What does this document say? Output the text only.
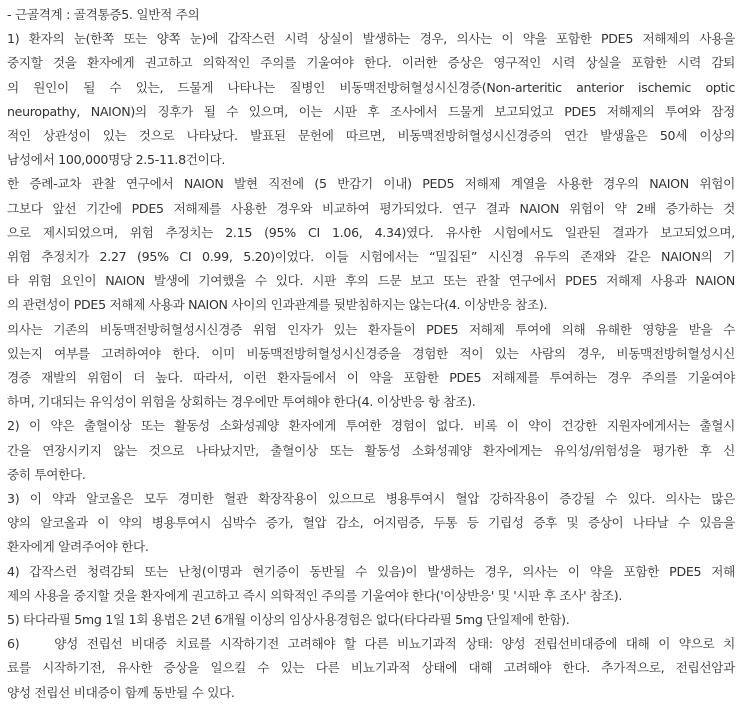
- 근골격계 : 골격통증5. 일반적 주의
1) 환자의 눈(한쪽 또는 양쪽 눈)에 갑작스런 시력 상실이 발생하는 경우, 의사는 이 약을 포함한 PDE5 저해제의 사용을
중지할 것을 환자에게 권고하고 의학적인 주의를 기울여야 한다. 이러한 증상은 영구적인 시력 상실을 포함한 시력 감퇴
의 원인이 될 수 있는, 드물게 나타나는 질병인 비동맥전방허혈성시신경증(Non-arteritic anterior ischemic optic
neuropathy, NAION)의 징후가 될 수 있으며, 이는 시판 후 조사에서 드물게 보고되었고 PDE5 저해제의 투여와 잠정
적인 상관성이 있는 것으로 나타났다. 발표된 문헌에 따르면, 비동맥전방허혈성시신경증의 연간 발생율은 50세 이상의
남성에서 100,000명당 2.5-11.8건이다.
한 증례-교차 관찰 연구에서 NAION 발현 직전에 (5 반감기 이내) PED5 저해제 계열을 사용한 경우의 NAION 위험이
그보다 앞선 기간에 PDE5 저해제를 사용한 경우와 비교하여 평가되었다. 연구 결과 NAION 위험이 약 2배 증가하는 것
으로 제시되었으며, 위험 추정치는 2.15 (95% CI 1.06, 4.34)였다. 유사한 시험에서도 일관된 결과가 보고되었으며,
위험 추정치가 2.27 (95% CI 0.99, 5.20)이었다. 이들 시험에서는 “밀집된” 시신경 유두의 존재와 같은 NAION의 기
타 위험 요인이 NAION 발생에 기여했을 수 있다. 시판 후의 드문 보고 또는 관찰 연구에서 PDE5 저해제 사용과 NAION
의 관련성이 PDE5 저해제 사용과 NAION 사이의 인과관계를 뒷받침하지는 않는다(4. 이상반응 참조).
의사는 기존의 비동맥전방허혈성시신경증 위험 인자가 있는 환자들이 PDE5 저해제 투여에 의해 유해한 영향을 받을 수
있는지 여부를 고려하여야 한다. 이미 비동맥전방허혈성시신경증을 경험한 적이 있는 사람의 경우, 비동맥전방허혈성시신
경증 재발의 위험이 더 높다. 따라서, 이런 환자들에서 이 약을 포함한 PDE5 저해제를 투여하는 경우 주의를 기울여야
하며, 기대되는 유익성이 위험을 상회하는 경우에만 투여해야 한다(4. 이상반응 항 참조).
2) 이 약은 출혈이상 또는 활동성 소화성궤양 환자에게 투여한 경험이 없다. 비록 이 약이 건강한 지원자에게서는 출혈시
간을 연장시키지 않는 것으로 나타났지만, 출혈이상 또는 활동성 소화성궤양 환자에게는 유익성/위험성을 평가한 후 신
중히 투여한다.
3) 이 약과 알코올은 모두 경미한 혈관 확장작용이 있으므로 병용투여시 혈압 강하작용이 증강될 수 있다. 의사는 많은
양의 알코올과 이 약의 병용투여시 심박수 증가, 혈압 감소, 어지럼증, 두통 등 기립성 증후 및 증상이 나타날 수 있음을
환자에게 알려주어야 한다.
4) 갑작스런 청력감퇴 또는 난청(이명과 현기증이 동반될 수 있음)이 발생하는 경우, 의사는 이 약을 포함한 PDE5 저해
제의 사용을 중지할 것을 환자에게 권고하고 즉시 의학적인 주의를 기울여야 한다('이상반응' 및 '시판 후 조사' 참조).
5) 타다라필 5mg 1일 1회 용법은 2년 6개월 이상의 임상사용경험은 없다(타다라필 5mg 단일제에 한함).
6)    양성 전립선 비대증 치료를 시작하기전 고려해야 할 다른 비뇨기과적 상태: 양성 전립선비대증에 대해 이 약으로 치
료를 시작하기전, 유사한 증상을 일으킬 수 있는 다른 비뇨기과적 상태에 대해 고려해야 한다. 추가적으로, 전립선암과
양성 전립선 비대증이 함께 동반될 수 있다.
